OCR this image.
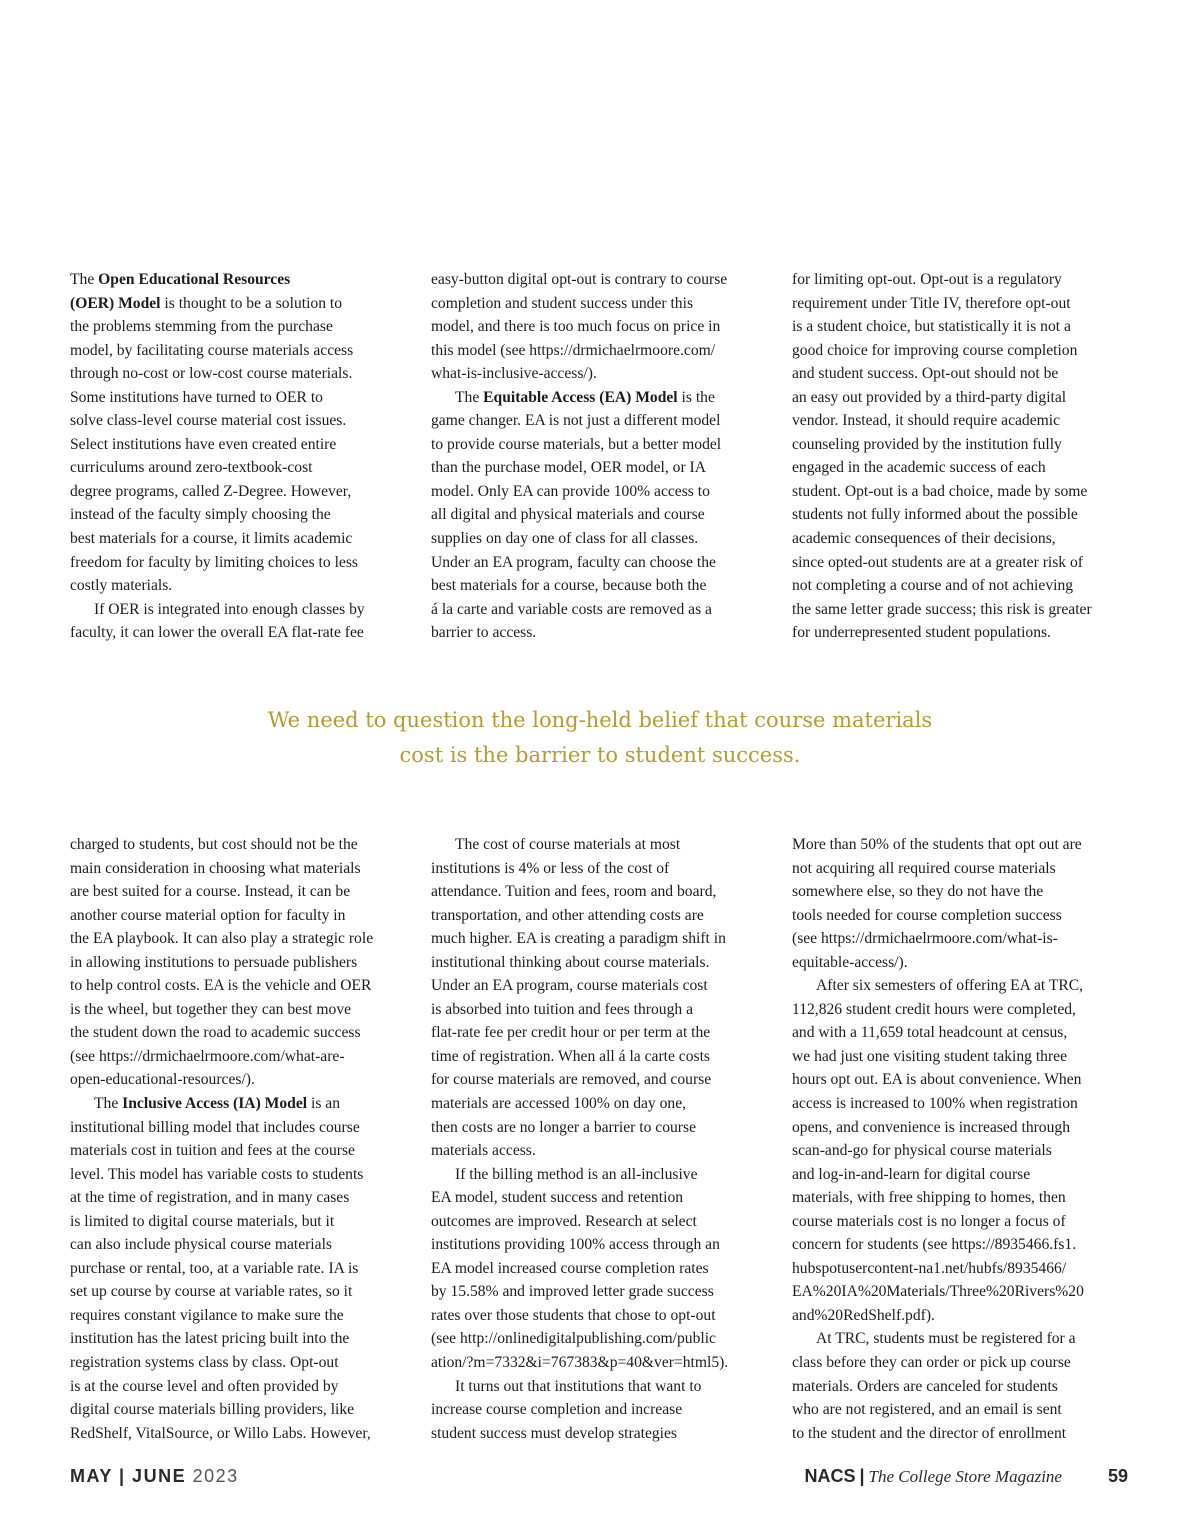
The Open Educational Resources
(OER) Model is thought to be a solution to
the problems stemming from the purchase
model, by facilitating course materials access
through no-cost or low-cost course materials.
Some institutions have turned to OER to
solve class-level course material cost issues.
Select institutions have even created entire
curriculums around zero-textbook-cost
degree programs, called Z-Degree. However,
instead of the faculty simply choosing the
best materials for a course, it limits academic
freedom for faculty by limiting choices to less
costly materials.
If OER is integrated into enough classes by
faculty, it can lower the overall EA flat-rate fee
easy-button digital opt-out is contrary to course
completion and student success under this
model, and there is too much focus on price in
this model (see https://drmichaelrmoore.com/
what-is-inclusive-access/).
The Equitable Access (EA) Model is the
game changer. EA is not just a different model
to provide course materials, but a better model
than the purchase model, OER model, or IA
model. Only EA can provide 100% access to
all digital and physical materials and course
supplies on day one of class for all classes.
Under an EA program, faculty can choose the
best materials for a course, because both the
á la carte and variable costs are removed as a
barrier to access.
for limiting opt-out. Opt-out is a regulatory
requirement under Title IV, therefore opt-out
is a student choice, but statistically it is not a
good choice for improving course completion
and student success. Opt-out should not be
an easy out provided by a third-party digital
vendor. Instead, it should require academic
counseling provided by the institution fully
engaged in the academic success of each
student. Opt-out is a bad choice, made by some
students not fully informed about the possible
academic consequences of their decisions,
since opted-out students are at a greater risk of
not completing a course and of not achieving
the same letter grade success; this risk is greater
for underrepresented student populations.
We need to question the long-held belief that course materials
cost is the barrier to student success.
charged to students, but cost should not be the
main consideration in choosing what materials
are best suited for a course. Instead, it can be
another course material option for faculty in
the EA playbook. It can also play a strategic role
in allowing institutions to persuade publishers
to help control costs. EA is the vehicle and OER
is the wheel, but together they can best move
the student down the road to academic success
(see https://drmichaelrmoore.com/what-are-
open-educational-resources/).
The Inclusive Access (IA) Model is an
institutional billing model that includes course
materials cost in tuition and fees at the course
level. This model has variable costs to students
at the time of registration, and in many cases
is limited to digital course materials, but it
can also include physical course materials
purchase or rental, too, at a variable rate. IA is
set up course by course at variable rates, so it
requires constant vigilance to make sure the
institution has the latest pricing built into the
registration systems class by class. Opt-out
is at the course level and often provided by
digital course materials billing providers, like
RedShelf, VitalSource, or Willo Labs. However,
The cost of course materials at most
institutions is 4% or less of the cost of
attendance. Tuition and fees, room and board,
transportation, and other attending costs are
much higher. EA is creating a paradigm shift in
institutional thinking about course materials.
Under an EA program, course materials cost
is absorbed into tuition and fees through a
flat-rate fee per credit hour or per term at the
time of registration. When all á la carte costs
for course materials are removed, and course
materials are accessed 100% on day one,
then costs are no longer a barrier to course
materials access.
If the billing method is an all-inclusive
EA model, student success and retention
outcomes are improved. Research at select
institutions providing 100% access through an
EA model increased course completion rates
by 15.58% and improved letter grade success
rates over those students that chose to opt-out
(see http://onlinedigitalpublishing.com/public
ation/?m=7332&i=767383&p=40&ver=html5).
It turns out that institutions that want to
increase course completion and increase
student success must develop strategies
More than 50% of the students that opt out are
not acquiring all required course materials
somewhere else, so they do not have the
tools needed for course completion success
(see https://drmichaelrmoore.com/what-is-
equitable-access/).
After six semesters of offering EA at TRC,
112,826 student credit hours were completed,
and with a 11,659 total headcount at census,
we had just one visiting student taking three
hours opt out. EA is about convenience. When
access is increased to 100% when registration
opens, and convenience is increased through
scan-and-go for physical course materials
and log-in-and-learn for digital course
materials, with free shipping to homes, then
course materials cost is no longer a focus of
concern for students (see https://8935466.fs1.
hubspotusercontent-na1.net/hubfs/8935466/
EA%20IA%20Materials/Three%20Rivers%20
and%20RedShelf.pdf).
At TRC, students must be registered for a
class before they can order or pick up course
materials. Orders are canceled for students
who are not registered, and an email is sent
to the student and the director of enrollment
MAY | JUNE 2023	NACS | The College Store Magazine	59
